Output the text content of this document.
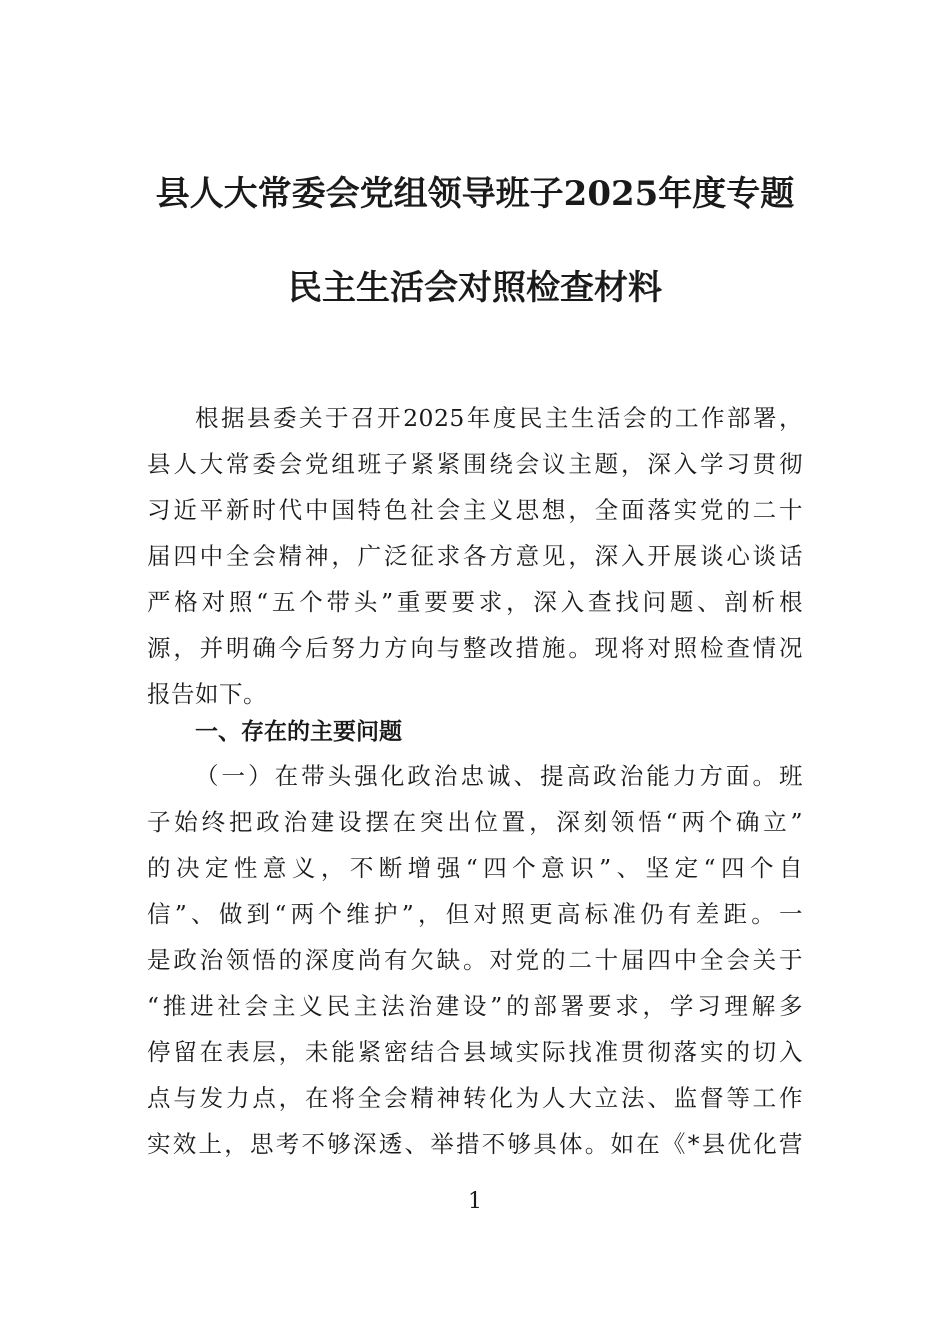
县人大常委会党组领导班子2025年度专题
民主生活会对照检查材料
根据县委关于召开2025年度民主生活会的工作部署，
县人大常委会党组班子紧紧围绕会议主题，深入学习贯彻
习近平新时代中国特色社会主义思想，全面落实党的二十
届四中全会精神，广泛征求各方意见，深入开展谈心谈话
严格对照“五个带头”重要要求，深入查找问题、剖析根
源，并明确今后努力方向与整改措施。现将对照检查情况
报告如下。
一、存在的主要问题
（一）在带头强化政治忠诚、提高政治能力方面。班
子始终把政治建设摆在突出位置，深刻领悟“两个确立”
的决定性意义，不断增强“四个意识”、坚定“四个自
信”、做到“两个维护”，但对照更高标准仍有差距。一
是政治领悟的深度尚有欠缺。对党的二十届四中全会关于
“推进社会主义民主法治建设”的部署要求，学习理解多
停留在表层，未能紧密结合县域实际找准贯彻落实的切入
点与发力点，在将全会精神转化为人大立法、监督等工作
实效上，思考不够深透、举措不够具体。如在《*县优化营
1
